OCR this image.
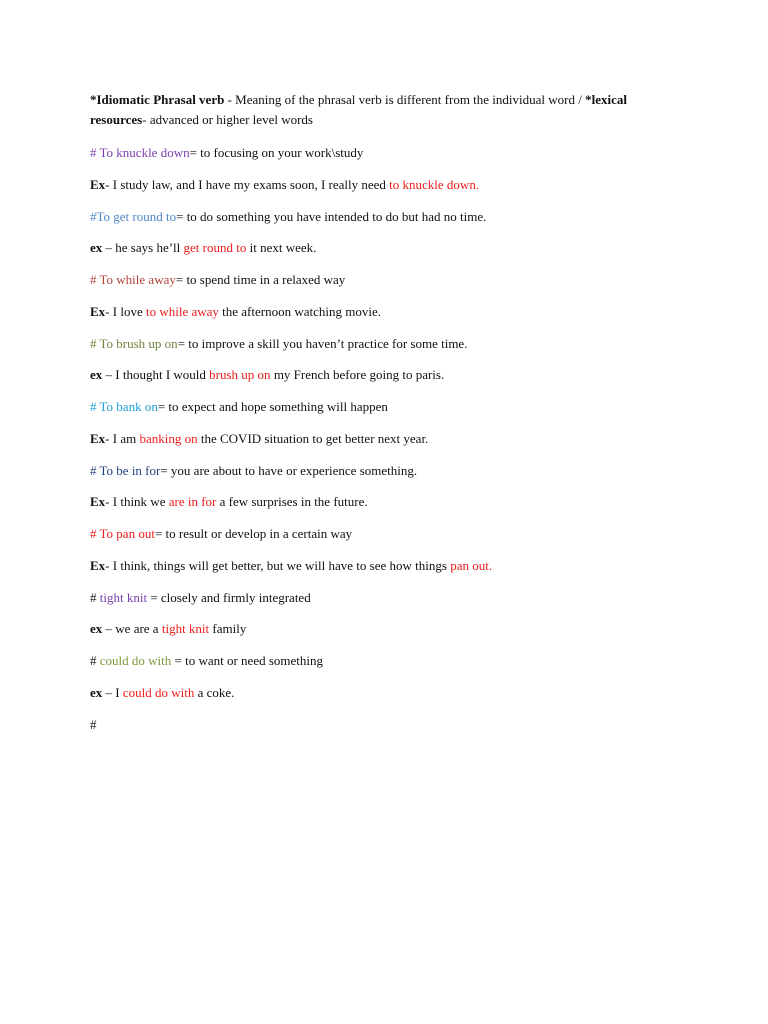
*Idiomatic Phrasal verb - Meaning of the phrasal verb is different from the individual word / *lexical resources- advanced or higher level words
# To knuckle down= to focusing on your work\study
Ex- I study law, and I have my exams soon, I really need to knuckle down.
#To get round to= to do something you have intended to do but had no time.
ex – he says he’ll get round to it next week.
# To while away= to spend time in a relaxed way
Ex- I love to while away the afternoon watching movie.
# To brush up on= to improve a skill you haven’t practice for some time.
ex – I thought I would brush up on my French before going to paris.
# To bank on= to expect and hope something will happen
Ex- I am banking on the COVID situation to get better next year.
# To be in for= you are about to have or experience something.
Ex- I think we are in for a few surprises in the future.
# To pan out= to result or develop in a certain way
Ex- I think, things will get better, but we will have to see how things pan out.
# tight knit = closely and firmly integrated
ex – we are a tight knit family
# could do with = to want or need something
ex – I could do with a coke.
#
